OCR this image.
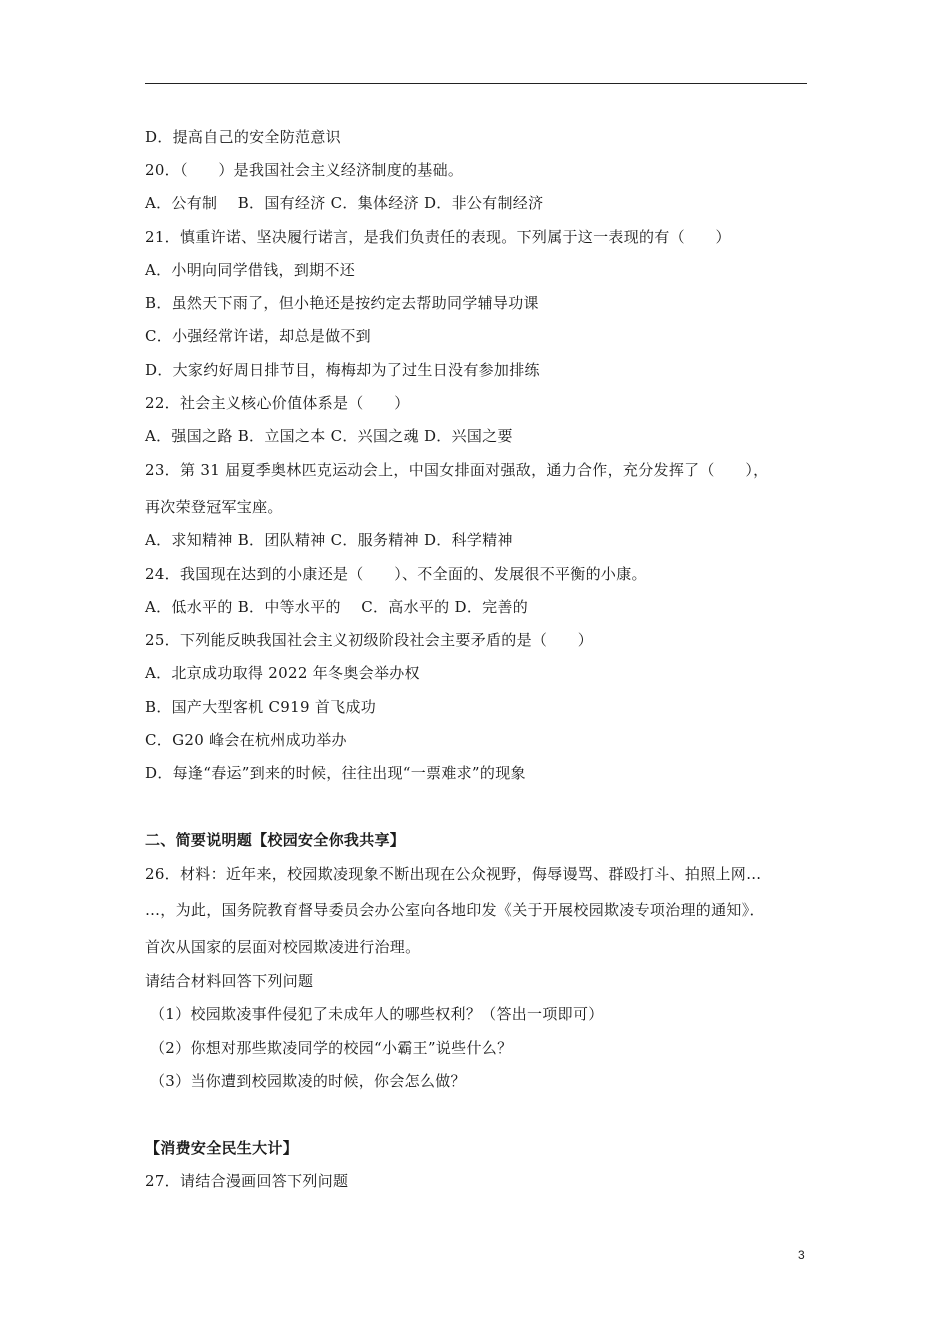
D．提高自己的安全防范意识
20．（　　）是我国社会主义经济制度的基础。
A．公有制　 B．国有经济 C．集体经济 D．非公有制经济
21．慎重许诺、坚决履行诺言，是我们负责任的表现。下列属于这一表现的有（　　）
A．小明向同学借钱，到期不还
B．虽然天下雨了，但小艳还是按约定去帮助同学辅导功课
C．小强经常许诺，却总是做不到
D．大家约好周日排节目，梅梅却为了过生日没有参加排练
22．社会主义核心价值体系是（　　）
A．强国之路 B．立国之本 C．兴国之魂 D．兴国之要
23．第 31 届夏季奥林匹克运动会上，中国女排面对强敌，通力合作，充分发挥了（　　），
再次荣登冠军宝座。
A．求知精神 B．团队精神 C．服务精神 D．科学精神
24．我国现在达到的小康还是（　　）、不全面的、发展很不平衡的小康。
A．低水平的 B．中等水平的　 C．高水平的 D．完善的
25．下列能反映我国社会主义初级阶段社会主要矛盾的是（　　）
A．北京成功取得 2022 年冬奥会举办权
B．国产大型客机 C919 首飞成功
C．G20 峰会在杭州成功举办
D．每逢“春运”到来的时候，往往出现“一票难求”的现象
二、简要说明题【校园安全你我共享】
26．材料：近年来，校园欺凌现象不断出现在公众视野，侮辱谩骂、群殴打斗、拍照上网…
…，为此，国务院教育督导委员会办公室向各地印发《关于开展校园欺凌专项治理的通知》．
首次从国家的层面对校园欺凌进行治理。
请结合材料回答下列问题
（1）校园欺凌事件侵犯了未成年人的哪些权利？（答出一项即可）
（2）你想对那些欺凌同学的校园“小霸王”说些什么？
（3）当你遭到校园欺凌的时候，你会怎么做？
【消费安全民生大计】
27．请结合漫画回答下列问题
3
